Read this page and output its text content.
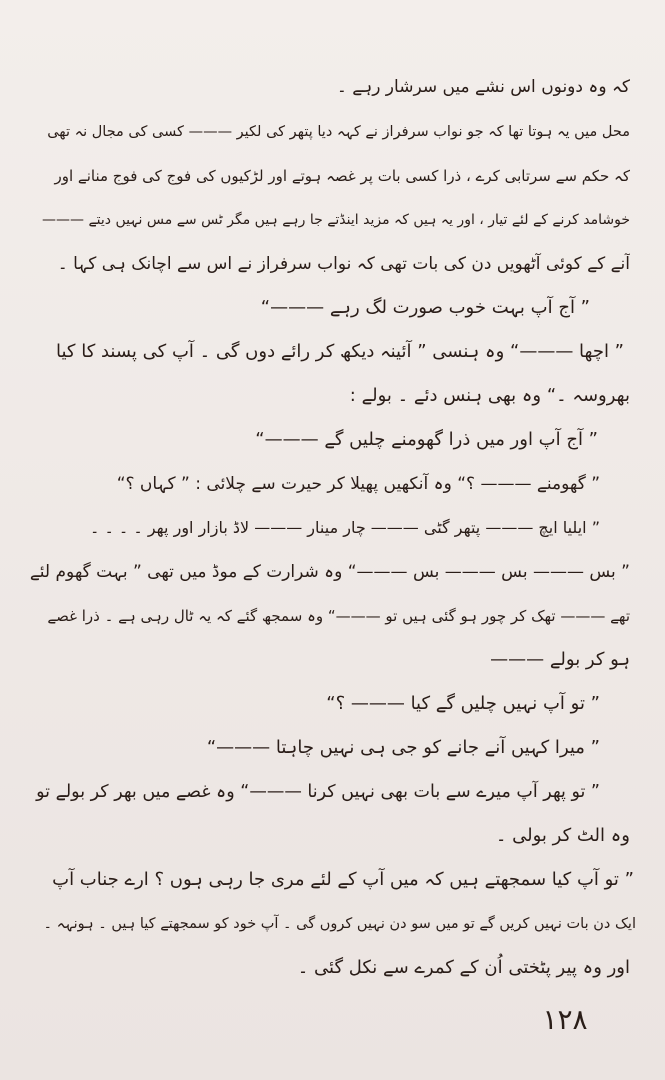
کہ وہ دونوں اس نشے میں سرشار رہے ۔
محل میں یہ ہوتا تھا کہ جو نواب سرفراز نے کہہ دیا پتھر کی لکیر ——— کسی کی مجال نہ تھی
کہ حکم سے سرتابی کرے ، ذرا کسی بات پر غصہ ہوتے اور لڑکیوں کی فوج کی فوج منانے اور
خوشامد کرنے کے لئے تیار ، اور یہ ہیں کہ مزید اینڈتے جا رہے ہیں مگر ٹس سے مس نہیں دیتے ———
آنے کے کوئی آٹھویں دن کی بات تھی کہ نواب سرفراز نے اس سے اچانک ہی کہا ۔
” آج آپ بہت خوب صورت لگ رہے ———“
” اچھا ———“ وہ ہنسی ” آئینہ دیکھ کر رائے دوں گی ۔ آپ کی پسند کا کیا
بھروسہ ۔“ وہ بھی ہنس دئے ۔ بولے :
” آج آپ اور میں ذرا گھومنے چلیں گے ———“
” گھومنے ——— ؟“ وہ آنکھیں پھیلا کر حیرت سے چلائی : ” کہاں ؟“
” ایلیا ایچ ——— پتھر گٹی ——— چار مینار ——— لاڈ بازار اور پھر ۔ ۔ ۔ ۔
” بس ——— بس ——— بس ———“ وہ شرارت کے موڈ میں تھی ” بہت گھوم لئے
تھے ——— تھک کر چور ہو گئی ہیں تو ———“ وہ سمجھ گئے کہ یہ ٹال رہی ہے ۔ ذرا غصے
ہو کر بولے ———
” تو آپ نہیں چلیں گے کیا ——— ؟“
” میرا کہیں آنے جانے کو جی ہی نہیں چاہتا ———“
” تو پھر آپ میرے سے بات بھی نہیں کرنا ———“ وہ غصے میں بھر کر بولے تو
وہ الٹ کر بولی ۔
” تو آپ کیا سمجھتے ہیں کہ میں آپ کے لئے مری جا رہی ہوں ؟ ارے جناب آپ
ایک دن بات نہیں کریں گے تو میں سو دن نہیں کروں گی ۔ آپ خود کو سمجھتے کیا ہیں ۔ ہونہہ ۔
اور وہ پیر پٹختی اُن کے کمرے سے نکل گئی ۔
۱۲۸
